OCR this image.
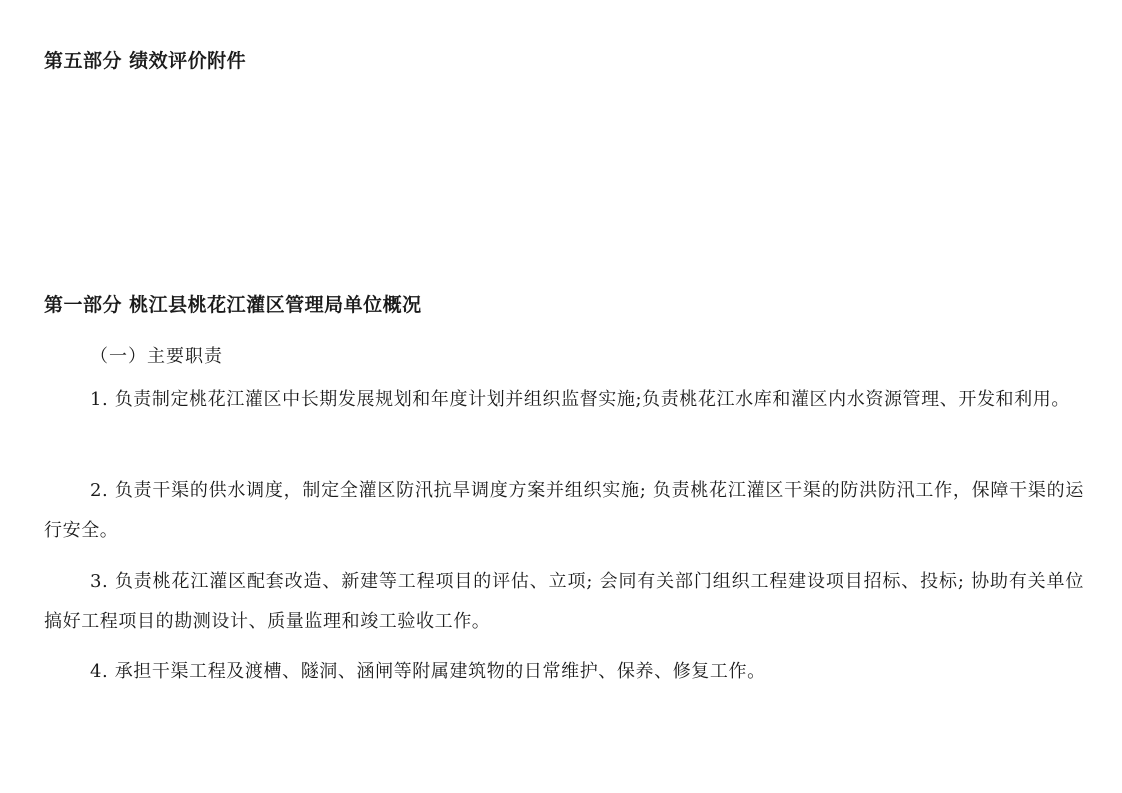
第五部分 绩效评价附件
第一部分 桃江县桃花江灌区管理局单位概况

（一）主要职责

1. 负责制定桃花江灌区中长期发展规划和年度计划并组织监督实施;负责桃花江水库和灌区内水资源管理、开发和利用。

2. 负责干渠的供水调度，制定全灌区防汛抗旱调度方案并组织实施; 负责桃花江灌区干渠的防洪防汛工作，保障干渠的运行安全。

3. 负责桃花江灌区配套改造、新建等工程项目的评估、立项; 会同有关部门组织工程建设项目招标、投标; 协助有关单位搞好工程项目的勘测设计、质量监理和竣工验收工作。

4. 承担干渠工程及渡槽、隧洞、涵闸等附属建筑物的日常维护、保养、修复工作。
